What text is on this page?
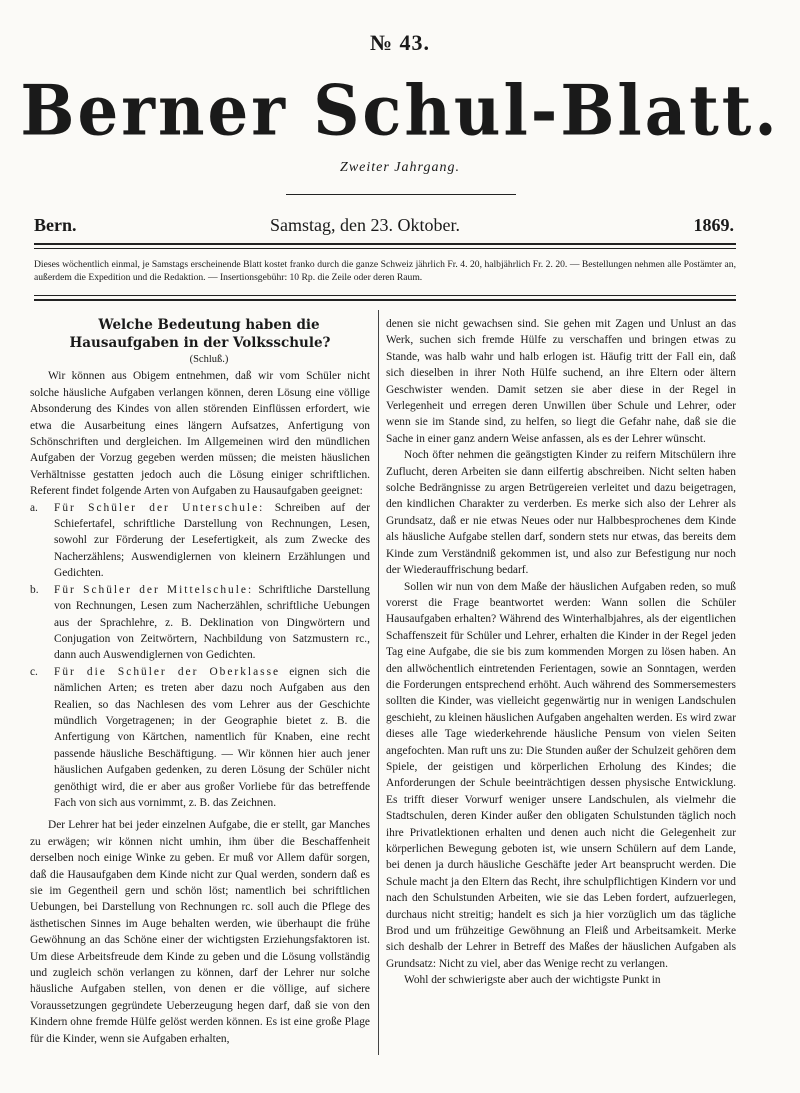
№ 43.
Berner Schul-Blatt.
Zweiter Jahrgang.
Bern.	Samstag, den 23. Oktober.	1869.
Dieses wöchentlich einmal, je Samstags erscheinende Blatt kostet franko durch die ganze Schweiz jährlich Fr. 4. 20, halbjährlich Fr. 2. 20. — Bestellungen nehmen alle Postämter an, außerdem die Expedition und die Redaktion. — Insertionsgebühr: 10 Rp. die Zeile oder deren Raum.

Welche Bedeutung haben die Hausaufgaben in der Volksschule?

(Schluß.)

Wir können aus Obigem entnehmen, daß wir vom Schüler nicht solche häusliche Aufgaben verlangen können, deren Lösung eine völlige Absonderung des Kindes von allen störenden Einflüssen erfordert, wie etwa die Ausarbeitung eines längern Aufsatzes, Anfertigung von Schönschriften und dergleichen. Im Allgemeinen wird den mündlichen Aufgaben der Vorzug gegeben werden müssen; die meisten häuslichen Verhältnisse gestatten jedoch auch die Lösung einiger schriftlichen. Referent findet folgende Arten von Aufgaben zu Hausaufgaben geeignet:

a.	Für Schüler der Unterschule: Schreiben auf der Schiefertafel, schriftliche Darstellung von Rechnungen, Lesen, sowohl zur Förderung der Lesefertigkeit, als zum Zwecke des Nacherzählens; Auswendiglernen von kleinern Erzählungen und Gedichten.
b.	Für Schüler der Mittelschule: Schriftliche Darstellung von Rechnungen, Lesen zum Nacherzählen, schriftliche Uebungen aus der Sprachlehre, z. B. Deklination von Dingwörtern und Conjugation von Zeitwörtern, Nachbildung von Satzmustern rc., dann auch Auswendiglernen von Gedichten.
c.	Für die Schüler der Oberklasse eignen sich die nämlichen Arten; es treten aber dazu noch Aufgaben aus den Realien, so das Nachlesen des vom Lehrer aus der Geschichte mündlich Vorgetragenen; in der Geographie bietet z. B. die Anfertigung von Kärtchen, namentlich für Knaben, eine recht passende häusliche Beschäftigung. — Wir können hier auch jener häuslichen Aufgaben gedenken, zu deren Lösung der Schüler nicht genöthigt wird, die er aber aus großer Vorliebe für das betreffende Fach von sich aus vornimmt, z. B. das Zeichnen.

Der Lehrer hat bei jeder einzelnen Aufgabe, die er stellt, gar Manches zu erwägen; wir können nicht umhin, ihm über die Beschaffenheit derselben noch einige Winke zu geben. Er muß vor Allem dafür sorgen, daß die Hausaufgaben dem Kinde nicht zur Qual werden, sondern daß es sie im Gegentheil gern und schön löst; namentlich bei schriftlichen Uebungen, bei Darstellung von Rechnungen rc. soll auch die Pflege des ästhetischen Sinnes im Auge behalten werden, wie überhaupt die frühe Gewöhnung an das Schöne einer der wichtigsten Erziehungsfaktoren ist. Um diese Arbeitsfreude dem Kinde zu geben und die Lösung vollständig und zugleich schön verlangen zu können, darf der Lehrer nur solche häusliche Aufgaben stellen, von denen er die völlige, auf sichere Voraussetzungen gegründete Ueberzeugung hegen darf, daß sie von den Kindern ohne fremde Hülfe gelöst werden können. Es ist eine große Plage für die Kinder, wenn sie Aufgaben erhalten,

denen sie nicht gewachsen sind. Sie gehen mit Zagen und Unlust an das Werk, suchen sich fremde Hülfe zu verschaffen und bringen etwas zu Stande, was halb wahr und halb erlogen ist. Häufig tritt der Fall ein, daß sich dieselben in ihrer Noth Hülfe suchend, an ihre Eltern oder ältern Geschwister wenden. Damit setzen sie aber diese in der Regel in Verlegenheit und erregen deren Unwillen über Schule und Lehrer, oder wenn sie im Stande sind, zu helfen, so liegt die Gefahr nahe, daß sie die Sache in einer ganz andern Weise anfassen, als es der Lehrer wünscht.

Noch öfter nehmen die geängstigten Kinder zu reifern Mitschülern ihre Zuflucht, deren Arbeiten sie dann eilfertig abschreiben. Nicht selten haben solche Bedrängnisse zu argen Betrügereien verleitet und dazu beigetragen, den kindlichen Charakter zu verderben. Es merke sich also der Lehrer als Grundsatz, daß er nie etwas Neues oder nur Halbbesprochenes dem Kinde als häusliche Aufgabe stellen darf, sondern stets nur etwas, das bereits dem Kinde zum Verständniß gekommen ist, und also zur Befestigung nur noch der Wiederauffrischung bedarf.

Sollen wir nun von dem Maße der häuslichen Aufgaben reden, so muß vorerst die Frage beantwortet werden: Wann sollen die Schüler Hausaufgaben erhalten? Während des Winterhalbjahres, als der eigentlichen Schaffenszeit für Schüler und Lehrer, erhalten die Kinder in der Regel jeden Tag eine Aufgabe, die sie bis zum kommenden Morgen zu lösen haben. An den allwöchentlich eintretenden Ferientagen, sowie an Sonntagen, werden die Forderungen entsprechend erhöht. Auch während des Sommersemesters sollten die Kinder, was vielleicht gegenwärtig nur in wenigen Landschulen geschieht, zu kleinen häuslichen Aufgaben angehalten werden. Es wird zwar dieses alle Tage wiederkehrende häusliche Pensum von vielen Seiten angefochten. Man ruft uns zu: Die Stunden außer der Schulzeit gehören dem Spiele, der geistigen und körperlichen Erholung des Kindes; die Anforderungen der Schule beeinträchtigen dessen physische Entwicklung. Es trifft dieser Vorwurf weniger unsere Landschulen, als vielmehr die Stadtschulen, deren Kinder außer den obligaten Schulstunden täglich noch ihre Privatlektionen erhalten und denen auch nicht die Gelegenheit zur körperlichen Bewegung geboten ist, wie unsern Schülern auf dem Lande, bei denen ja durch häusliche Geschäfte jeder Art beansprucht werden. Die Schule macht ja den Eltern das Recht, ihre schulpflichtigen Kindern vor und nach den Schulstunden Arbeiten, wie sie das Leben fordert, aufzuerlegen, durchaus nicht streitig; handelt es sich ja hier vorzüglich um das tägliche Brod und um frühzeitige Gewöhnung an Fleiß und Arbeitsamkeit. Merke sich deshalb der Lehrer in Betreff des Maßes der häuslichen Aufgaben als Grundsatz: Nicht zu viel, aber das Wenige recht zu verlangen.

Wohl der schwierigste aber auch der wichtigste Punkt in
